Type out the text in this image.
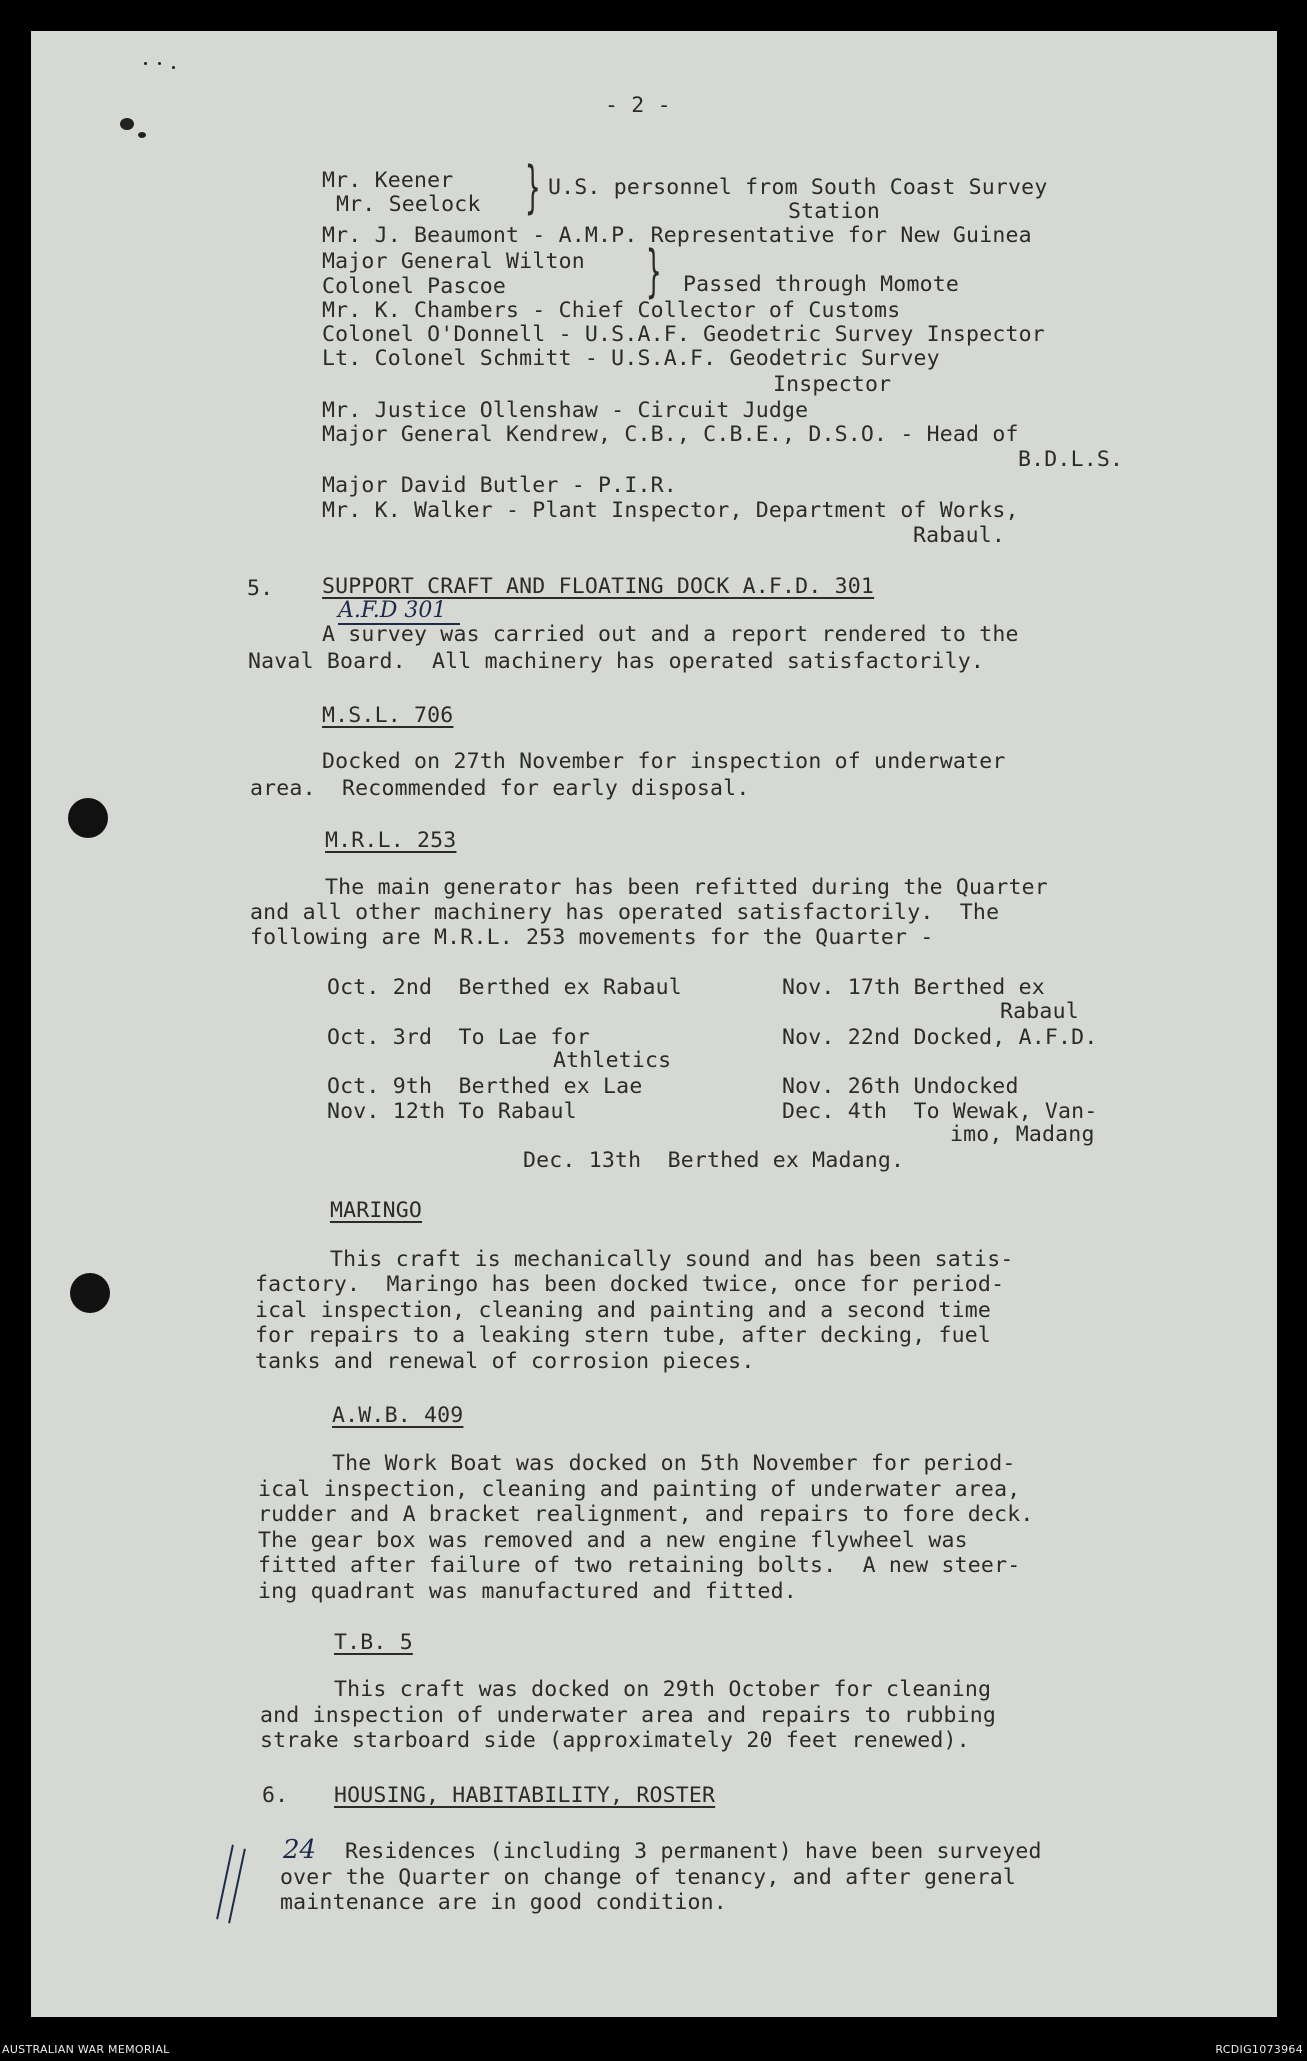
- 2 -
Mr. Keener
Mr. Seelock } U.S. personnel from South Coast Survey
Station
Mr. J. Beaumont - A.M.P. Representative for New Guinea
Major General Wilton
Colonel Pascoe } Passed through Momote
Mr. K. Chambers - Chief Collector of Customs
Colonel O'Donnell - U.S.A.F. Geodetric Survey Inspector
Lt. Colonel Schmitt - U.S.A.F. Geodetric Survey
Inspector
Mr. Justice Ollenshaw - Circuit Judge
Major General Kendrew, C.B., C.B.E., D.S.O. - Head of
B.D.L.S.
Major David Butler - P.I.R.
Mr. K. Walker - Plant Inspector, Department of Works,
Rabaul.
5. SUPPORT CRAFT AND FLOATING DOCK A.F.D. 301
A.F.D 301
A survey was carried out and a report rendered to the
Naval Board.  All machinery has operated satisfactorily.
M.S.L. 706
Docked on 27th November for inspection of underwater
area.  Recommended for early disposal.
M.R.L. 253
The main generator has been refitted during the Quarter
and all other machinery has operated satisfactorily.  The
following are M.R.L. 253 movements for the Quarter -
Oct. 2nd  Berthed ex Rabaul
Oct. 3rd  To Lae for
Athletics
Oct. 9th  Berthed ex Lae
Nov. 12th To Rabaul
Nov. 17th Berthed ex
Rabaul
Nov. 22nd Docked, A.F.D.
Nov. 26th Undocked
Dec. 4th  To Wewak, Van-
imo, Madang
Dec. 13th  Berthed ex Madang.
MARINGO
This craft is mechanically sound and has been satis-
factory.  Maringo has been docked twice, once for period-
ical inspection, cleaning and painting and a second time
for repairs to a leaking stern tube, after decking, fuel
tanks and renewal of corrosion pieces.
A.W.B. 409
The Work Boat was docked on 5th November for period-
ical inspection, cleaning and painting of underwater area,
rudder and A bracket realignment, and repairs to fore deck.
The gear box was removed and a new engine flywheel was
fitted after failure of two retaining bolts.  A new steer-
ing quadrant was manufactured and fitted.
T.B. 5
This craft was docked on 29th October for cleaning
and inspection of underwater area and repairs to rubbing
strake starboard side (approximately 20 feet renewed).
6. HOUSING, HABITABILITY, ROSTER
24 Residences (including 3 permanent) have been surveyed
over the Quarter on change of tenancy, and after general
maintenance are in good condition.
AUSTRALIAN WAR MEMORIAL	RCDIG1073964
